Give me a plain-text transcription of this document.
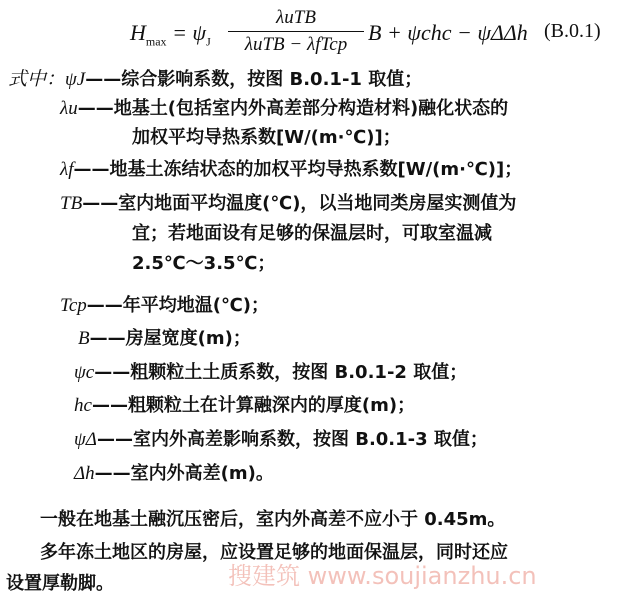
$H_{max} = \psi_J$
λuTB
λuTB − λfTcp B + ψchc − ψΔΔh (B.0.1)
式中：ψJ——综合影响系数，按图 B.0.1-1 取值；
λu——地基土(包括室内外高差部分构造材料)融化状态的
加权平均导热系数[W/(m·℃)]；
λf——地基土冻结状态的加权平均导热系数[W/(m·℃)]；
TB——室内地面平均温度(℃)，以当地同类房屋实测值为
宜；若地面设有足够的保温层时，可取室温减
2.5℃～3.5℃；
Tcp——年平均地温(℃)；
B——房屋宽度(m)；
ψc——粗颗粒土土质系数，按图 B.0.1-2 取值；
hc——粗颗粒土在计算融深内的厚度(m)；
ψΔ——室内外高差影响系数，按图 B.0.1-3 取值；
Δh——室内外高差(m)。
一般在地基土融沉压密后，室内外高差不应小于 0.45m。
多年冻土地区的房屋，应设置足够的地面保温层，同时还应
设置厚勒脚。	搜建筑 www.soujianzhu.cn
